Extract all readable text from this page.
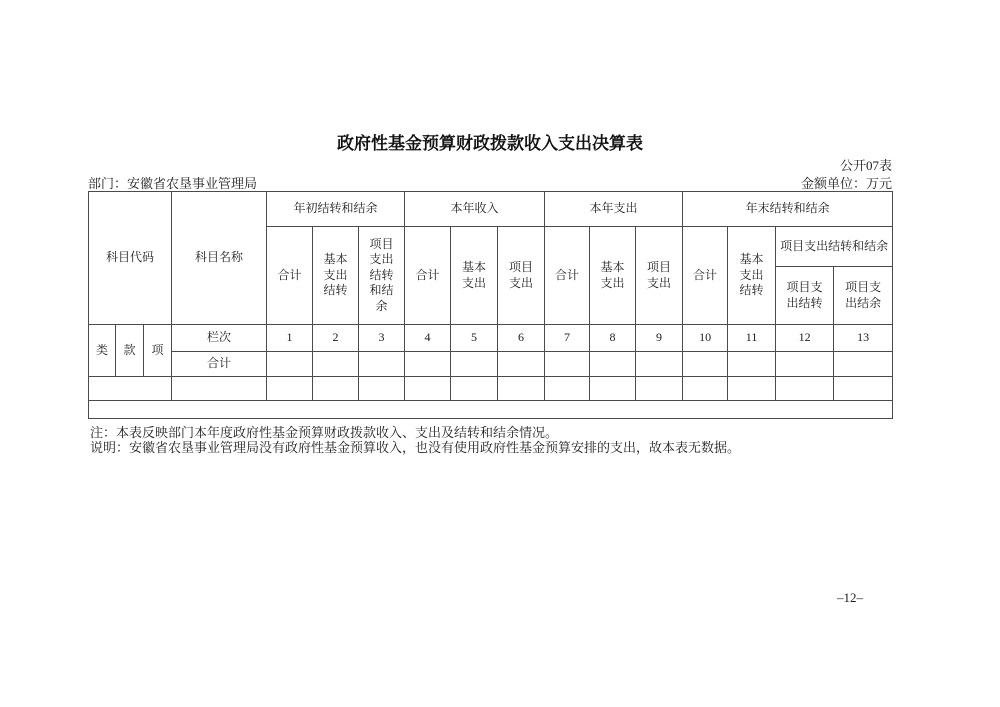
政府性基金预算财政拨款收入支出决算表
公开07表
部门：安徽省农垦事业管理局	金额单位：万元
科目代码			科目名称	年初结转和结余			本年收入			本年支出			年末结转和结余			
				合计	基本支出结转	项目支出结转和结余	合计	基本支出	项目支出	合计	基本支出	项目支出	合计	基本支出结转	项目支出结转和结余	
															项目支出结转	项目支出结余
类	款	项	栏次	1	2	3	4	5	6	7	8	9	10	11	12	13
			合计													

注：本表反映部门本年度政府性基金预算财政拨款收入、支出及结转和结余情况。
说明：安徽省农垦事业管理局没有政府性基金预算收入，也没有使用政府性基金预算安排的支出，故本表无数据。
–12–
